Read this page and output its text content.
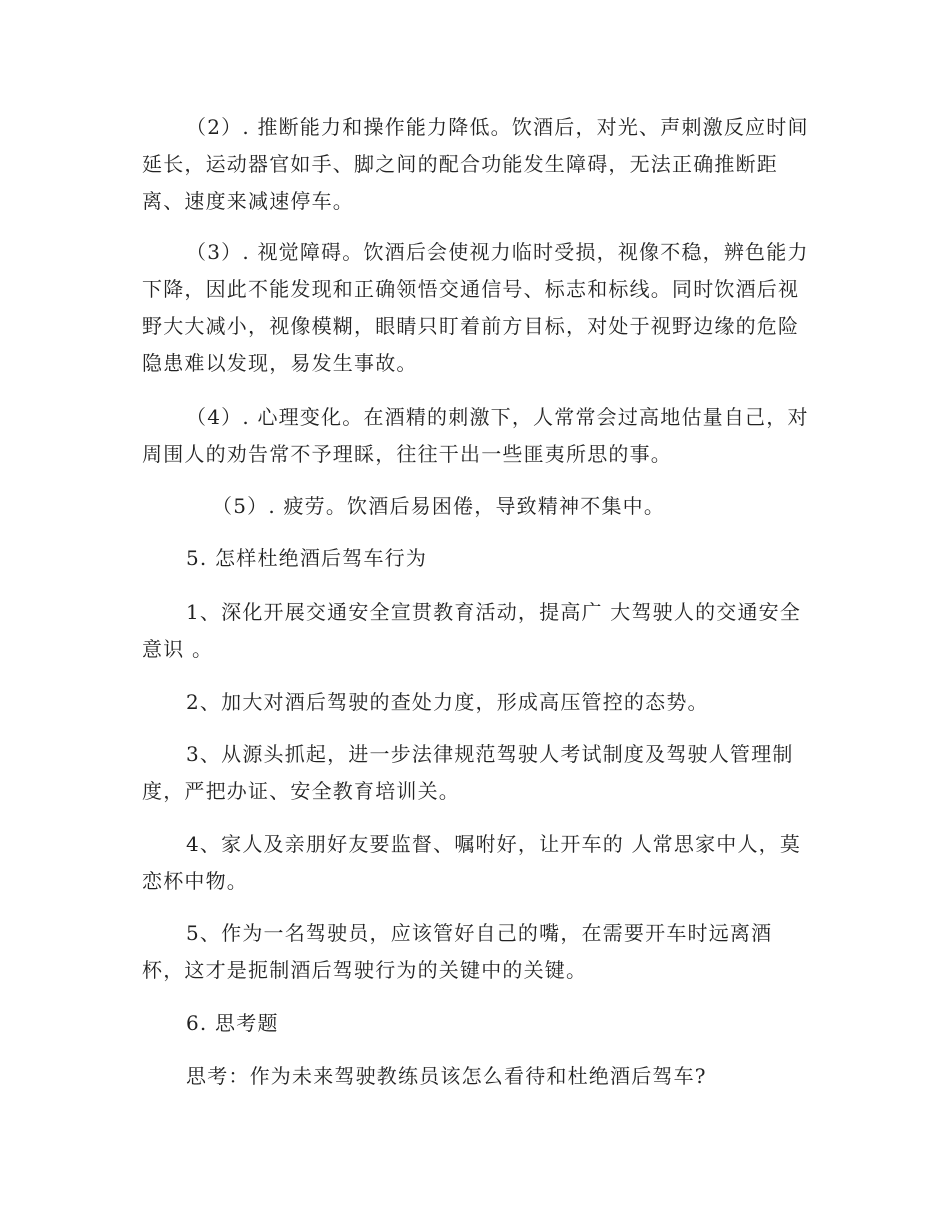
（2）. 推断能力和操作能力降低。饮酒后，对光、声刺激反应时间延长，运动器官如手、脚之间的配合功能发生障碍，无法正确推断距离、速度来减速停车。

（3）. 视觉障碍。饮酒后会使视力临时受损，视像不稳，辨色能力下降，因此不能发现和正确领悟交通信号、标志和标线。同时饮酒后视野大大减小，视像模糊，眼睛只盯着前方目标，对处于视野边缘的危险隐患难以发现，易发生事故。

（4）. 心理变化。在酒精的刺激下，人常常会过高地估量自己，对周围人的劝告常不予理睬，往往干出一些匪夷所思的事。

（5）. 疲劳。饮酒后易困倦，导致精神不集中。

5. 怎样杜绝酒后驾车行为

1、深化开展交通安全宣贯教育活动，提高广 大驾驶人的交通安全意识 。

2、加大对酒后驾驶的查处力度，形成高压管控的态势。

3、从源头抓起，进一步法律规范驾驶人考试制度及驾驶人管理制度，严把办证、安全教育培训关。

4、家人及亲朋好友要监督、嘱咐好，让开车的 人常思家中人，莫恋杯中物。

5、作为一名驾驶员，应该管好自己的嘴，在需要开车时远离酒杯，这才是扼制酒后驾驶行为的关键中的关键。

6. 思考题

思考：作为未来驾驶教练员该怎么看待和杜绝酒后驾车?
